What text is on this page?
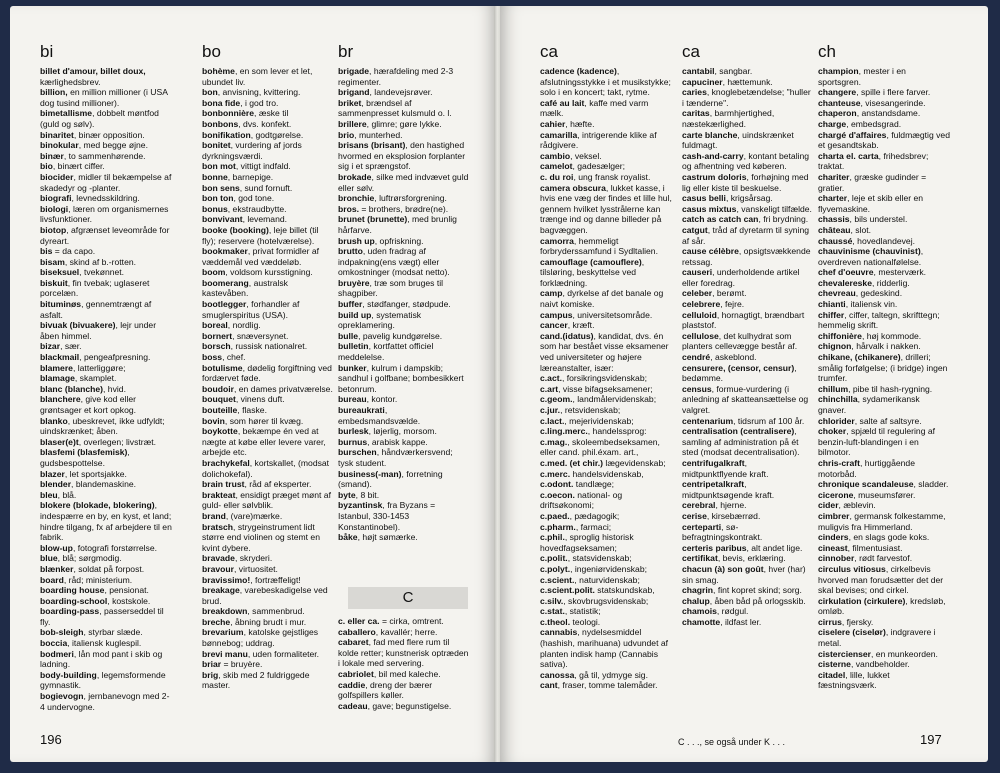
bi	bo	br

billet d'amour, billet doux, kærlighedsbrev.

billion, en million millioner (i USA dog tusind millioner).

bimetallisme, dobbelt møntfod (guld og sølv).

binaritet, binær opposition.

binokular, med begge øjne.

binær, to sammenhørende.

bio, binært ciffer.

biocider, midler til bekæmpelse af skadedyr og -planter.

biografi, levnedsskildring.

biologi, læren om organismernes livsfunktioner.

biotop, afgrænset leveområde for dyreart.

bis = da capo.

bisam, skind af b.-rotten.

biseksuel, tvekønnet.

biskuit, fin tvebak; uglaseret porcelæn.

bituminøs, gennemtrængt af asfalt.

bivuak (bivuakere), lejr under åben himmel.

bizar, sær.

blackmail, pengeafpresning.

blamere, latterliggøre;

blamage, skamplet.

blanc (blanche), hvid.

blanchere, give kod eller grøntsager et kort opkog.

blanko, ubeskrevet, ikke udfyldt; uindskrænket; åben.

blaser(e)t, overlegen; livstræt.

blasfemi (blasfemisk), gudsbespottelse.

blazer, let sportsjakke.

blender, blandemaskine.

bleu, blå.

blokere (blokade, blokering), indespærre en by, en kyst, et land; hindre tilgang, fx af arbejdere til en fabrik.

blow-up, fotografi forstørrelse.

blue, blå; sørgmodig.

blænker, soldat på forpost.

board, råd; ministerium.

boarding house, pensionat.

boarding-school, kostskole.

boarding-pass, passerseddel til fly.

bob-sleigh, styrbar slæde.

boccia, italiensk kuglespil.

bodmeri, lån mod pant i skib og ladning.

body-building, legemsformende gymnastik.

bogievogn, jernbanevogn med 2-4 undervogne.

bohème, en som lever et let, ubundet liv.

bon, anvisning, kvittering.

bona fide, i god tro.

bonbonnière, æske til

bonbons, dvs. konfekt.

bonifikation, godtgørelse.

bonitet, vurdering af jords dyrkningsværdi.

bon mot, vittigt indfald.

bonne, barnepige.

bon sens, sund fornuft.

bon ton, god tone.

bonus, ekstraudbytte.

bonvivant, levemand.

booke (booking), leje billet (til fly); reservere (hotelværelse).

bookmaker, privat formidler af væddemål ved væddeløb.

boom, voldsom kursstigning.

boomerang, australsk kastevåben.

bootlegger, forhandler af smuglerspiritus (USA).

boreal, nordlig.

bornert, snæversynet.

borsch, russisk nationalret.

boss, chef.

botulisme, dødelig forgiftning ved fordærvet føde.

boudoir, en dames privatværelse.

bouquet, vinens duft.

bouteille, flaske.

bovin, som hører til kvæg.

boykotte, bekæmpe én ved at nægte at købe eller levere varer, arbejde etc.

brachykefal, kortskallet, (modsat dolichokefal).

brain trust, råd af eksperter.

brakteat, ensidigt præget mønt af guld- eller sølvblik.

brand, (vare)mærke.

bratsch, strygeinstrument lidt større end violinen og stemt en kvint dybere.

bravade, skryderi.

bravour, virtuositet.

bravissimo!, fortræffeligt!

breakage, varebeskadigelse ved brud.

breakdown, sammenbrud.

breche, åbning brudt i mur.

brevarium, katolske gejstliges bønnebog; uddrag.

brevi manu, uden formaliteter.

briar = bruyère.

brig, skib med 2 fuldriggede master.

brigade, hærafdeling med 2-3 regimenter.

brigand, landevejsrøver.

briket, brændsel af sammenpresset kulsmuld o. l.

brillere, glimre; gøre lykke.

brio, munterhed.

brisans (brisant), den hastighed hvormed en eksplosion forplanter sig i et sprængstof.

brokade, silke med indvævet guld eller sølv.

bronchie, luftrørsforgrening.

bros. = brothers, brødre(ne).

brunet (brunette), med brunlig hårfarve.

brush up, opfriskning.

brutto, uden fradrag af indpakning(ens vægt) eller omkostninger (modsat netto).

bruyère, træ som bruges til shagpiber.

buffer, stødfanger, stødpude.

build up, systematisk opreklamering.

bulle, pavelig kundgørelse.

bulletin, kortfattet officiel meddelelse.

bunker, kulrum i dampskib; sandhul i golfbane; bombesikkert betonrum.

bureau, kontor.

bureaukrati, embedsmandsvælde.

burlesk, løjerlig, morsom.

burnus, arabisk kappe.

burschen, håndværkersvend; tysk student.

business(-man), forretning (smand).

byte, 8 bit.

byzantinsk, fra Byzans = Istanbul, 330-1453 Konstantinobel).

båke, højt sømærke.

C

c. eller ca. = cirka, omtrent.

caballero, kavallér; herre.

cabaret, fad med flere rum til kolde retter; kunstnerisk optræden i lokale med servering.

cabriolet, bil med kaleche.

caddie, dreng der bærer golfspillers køller.

cadeau, gave; begunstigelse.

196
ca	ca	ch

cadence (kadence), afslutningsstykke i et musikstykke; solo i en koncert; takt, rytme.

café au lait, kaffe med varm mælk.

cahier, hæfte.

camarilla, intrigerende klike af rådgivere.

cambio, veksel.

camelot, gadesælger;

c. du roi, ung fransk royalist.

camera obscura, lukket kasse, i hvis ene væg der findes et lille hul, gennem hvilket lysstrålerne kan trænge ind og danne billeder på bagvæggen.

camorra, hemmeligt forbryderssamfund i Sydltalien.

camouflage (camouflere), tilsløring, beskyttelse ved forklædning.

camp, dyrkelse af det banale og naivt komiske.

campus, universitetsområde.

cancer, kræft.

cand.(idatus), kandidat, dvs. én som har bestået visse eksamener ved universiteter og højere læreanstalter, især:

c.act., forsikringsvidenskab;

c.art, visse bifagseksamener;

c.geom., landmålervidenskab;

c.jur., retsvidenskab;

c.lact., mejerividenskab;

c.ling.merc., handelssprog:

c.mag., skoleembedseksamen, eller cand. phil.éxam. art.,

c.med. (et chir.) lægevidenskab;

c.merc. handelsvidenskab,

c.odont. tandlæge;

c.oecon. national- og driftsøkonomi;

c.paed., pædagogik;

c.pharm., farmaci;

c.phil., sproglig historisk hovedfagseksamen;

c.polit., statsvidenskab;

c.polyt., ingeniørvidenskab;

c.scient., naturvidenskab;

c.scient.polit. statskundskab,

c.silv., skovbrugsvidenskab;

c.stat., statistik;

c.theol. teologi.

cannabis, nydelsesmiddel (hashish, marihuana) udvundet af planten indisk hamp (Cannabis sativa).

canossa, gå til, ydmyge sig.

cant, fraser, tomme talemåder.

cantabil, sangbar.

capuciner, hættemunk.

caries, knoglebetændelse; "huller i tænderne".

caritas, barmhjertighed, næstekærlighed.

carte blanche, uindskrænket fuldmagt.

cash-and-carry, kontant betaling og afhentning ved køberen.

castrum doloris, forhøjning med lig eller kiste til beskuelse.

casus belli, krigsårsag.

casus mixtus, vanskeligt tilfælde.

catch as catch can, fri brydning.

catgut, tråd af dyretarm til syning af sår.

cause célèbre, opsigtsvækkende retssag.

causeri, underholdende artikel eller foredrag.

celeber, berømt.

celebrere, fejre.

celluloid, hornagtigt, brændbart plaststof.

cellulose, det kulhydrat som planters cellevægge består af.

cendré, askeblond.

censurere, (censor, censur), bedømme.

census, formue-vurdering (i anledning af skatteansættelse og valgret.

centenarium, tidsrum af 100 år.

centralisation (centralisere), samling af administration på ét sted (modsat decentralisation).

centrifugalkraft, midtpunktflyende kraft.

centripetalkraft, midtpunktsøgende kraft.

cerebral, hjerne.

cerise, kirsebærrød.

certeparti, sø-befragtningskontrakt.

certeris paribus, alt andet lige.

certifikat, bevis, erklæring.

chacun (à) son goût, hver (har) sin smag.

chagrin, fint kopret skind; sorg.

chalup, åben båd på orlogsskib.

chamois, rødgul.

chamotte, ildfast ler.

champion, mester i en sportsgren.

changere, spille i flere farver.

chanteuse, visesangerinde.

chaperon, anstandsdame.

charge, embedsgrad.

chargé d'affaires, fuldmægtig ved et gesandtskab.

charta el. carta, frihedsbrev; traktat.

chariter, græske gudinder = gratier.

charter, leje et skib eller en flyvemaskine.

chassis, bils understel.

château, slot.

chaussé, hovedlandevej.

chauvinisme (chauvinist), overdreven nationalfølelse.

chef d'oeuvre, mesterværk.

chevalereske, ridderlig.

chevreau, gedeskind.

chianti, italiensk vin.

chiffer, ciffer, taltegn, skrifttegn; hemmelig skrift.

chiffonière, høj kommode.

chignon, hårvalk i nakken.

chikane, (chikanere), drilleri; smålig forfølgelse; (i bridge) ingen trumfer.

chillum, pibe til hash-rygning.

chinchilla, sydamerikansk gnaver.

chlorider, salte af saltsyre.

choker, spjæld til regulering af benzin-luft-blandingen i en bilmotor.

chris-craft, hurtiggående motorbåd.

chronique scandaleuse, sladder.

cicerone, museumsfører.

cider, æblevin.

cimbrer, germansk folkestamme, muligvis fra Himmerland.

cinders, en slags gode koks.

cineast, filmentusiast.

cinnober, rødt farvestof.

circulus vitiosus, cirkelbevis hvorved man forudsætter det der skal bevises; ond cirkel.

cirkulation (cirkulere), kredsløb, omløb.

cirrus, fjersky.

ciselere (ciselør), indgravere i metal.

cistercienser, en munkeorden.

cisterne, vandbeholder.

citadel, lille, lukket fæstningsværk.

C . . ., se også under K . . .	197
